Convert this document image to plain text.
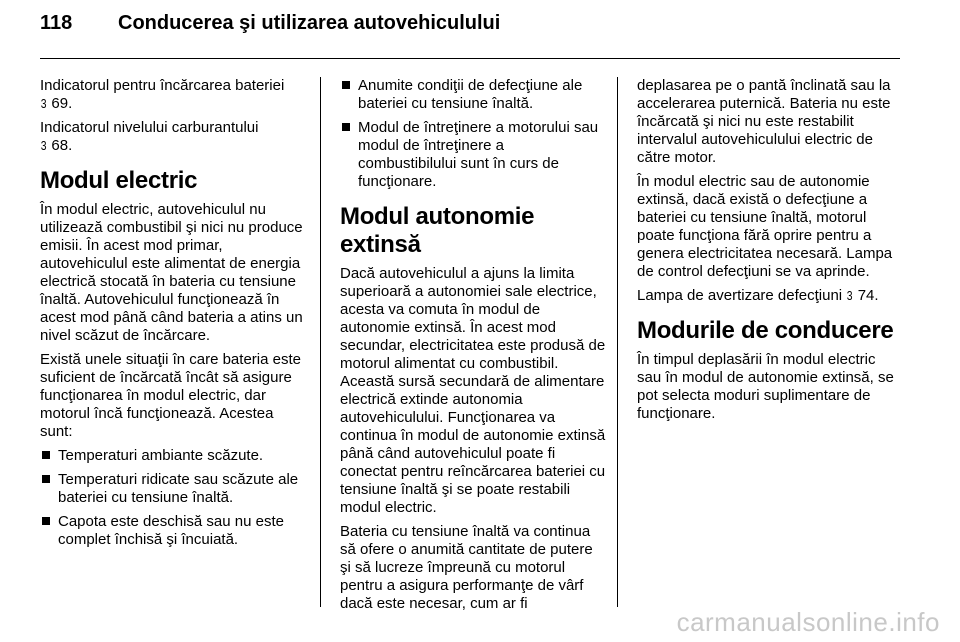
118	Conducerea şi utilizarea autovehiculului

Indicatorul pentru încărcarea bateriei
3 69.

Indicatorul nivelului carburantului
3 68.

Modul electric

În modul electric, autovehiculul nu utilizează combustibil şi nici nu produce emisii. În acest mod primar, autovehiculul este alimentat de energia electrică stocată în bateria cu tensiune înaltă. Autovehiculul funcţionează în acest mod până când bateria a atins un nivel scăzut de încărcare.

Există unele situaţii în care bateria este suficient de încărcată încât să asigure funcţionarea în modul electric, dar motorul încă funcţionează. Acestea sunt:

Temperaturi ambiante scăzute.
Temperaturi ridicate sau scăzute ale bateriei cu tensiune înaltă.
Capota este deschisă sau nu este complet închisă şi încuiată.
Anumite condiţii de defecţiune ale bateriei cu tensiune înaltă.
Modul de întreţinere a motorului sau modul de întreţinere a combustibilului sunt în curs de funcţionare.
Modul autonomie extinsă

Dacă autovehiculul a ajuns la limita superioară a autonomiei sale electrice, acesta va comuta în modul de autonomie extinsă. În acest mod secundar, electricitatea este produsă de motorul alimentat cu combustibil. Această sursă secundară de alimentare electrică extinde autonomia autovehiculului. Funcţionarea va continua în modul de autonomie extinsă până când autovehiculul poate fi conectat pentru reîncărcarea bateriei cu tensiune înaltă şi se poate restabili modul electric.

Bateria cu tensiune înaltă va continua să ofere o anumită cantitate de putere şi să lucreze împreună cu motorul pentru a asigura performanţe de vârf dacă este necesar, cum ar fi

deplasarea pe o pantă înclinată sau la accelerarea puternică. Bateria nu este încărcată şi nici nu este restabilit intervalul autovehiculului electric de către motor.

În modul electric sau de autonomie extinsă, dacă există o defecţiune a bateriei cu tensiune înaltă, motorul poate funcţiona fără oprire pentru a genera electricitatea necesară. Lampa de control defecţiuni se va aprinde.

Lampa de avertizare defecţiuni 3 74.

Modurile de conducere

În timpul deplasării în modul electric sau în modul de autonomie extinsă, se pot selecta moduri suplimentare de funcţionare.

carmanualsonline.info
